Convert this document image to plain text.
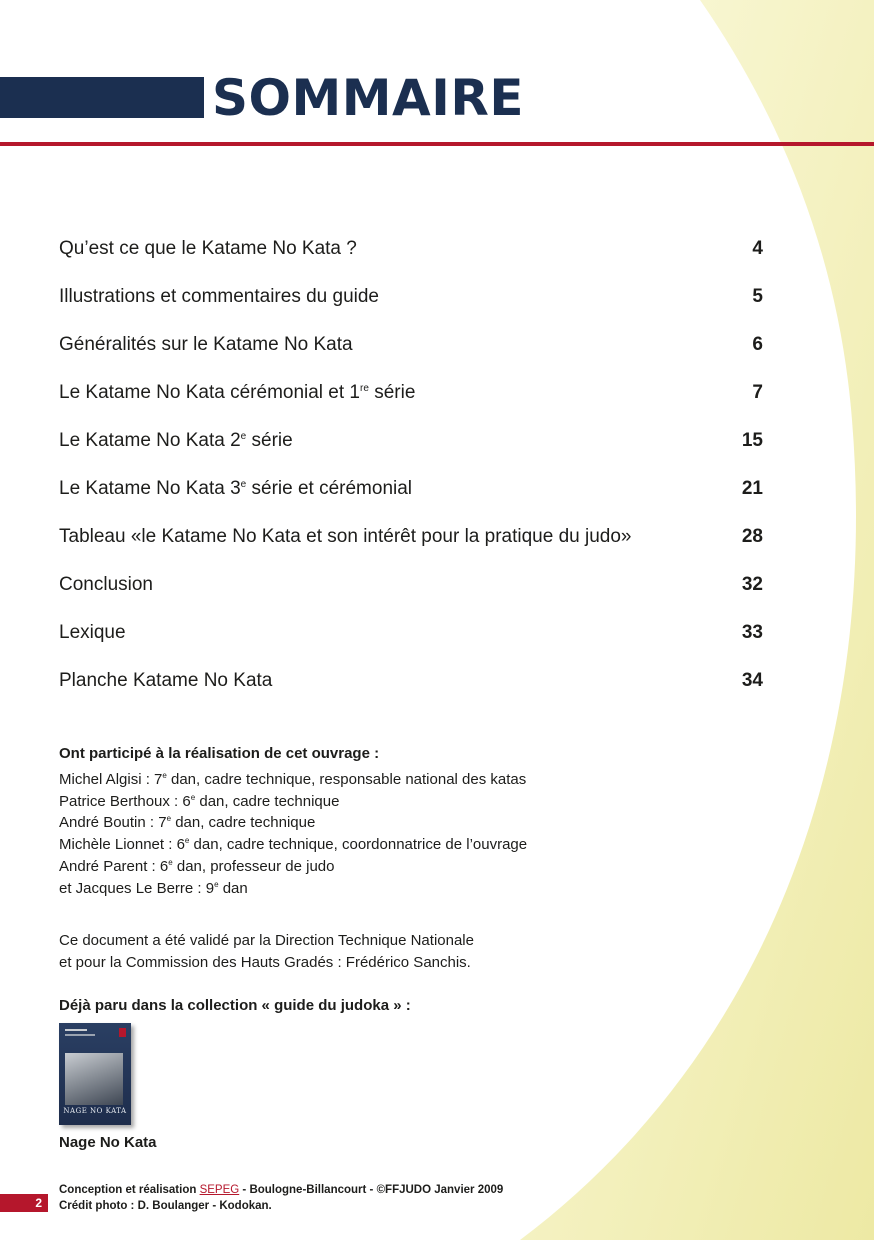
SOMMAIRE
Qu’est ce que le Katame No Kata ?	4
Illustrations et commentaires du guide	5
Généralités sur le Katame No Kata	6
Le Katame No Kata cérémonial et 1re série	7
Le Katame No Kata 2e série	15
Le Katame No Kata 3e série et cérémonial	21
Tableau «le Katame No Kata et son intérêt pour la pratique du judo»	28
Conclusion	32
Lexique	33
Planche Katame No Kata	34
Ont participé à la réalisation de cet ouvrage :
Michel Algisi : 7e dan, cadre technique, responsable national des katas
Patrice Berthoux : 6e dan, cadre technique
André Boutin : 7e dan, cadre technique
Michèle Lionnet : 6e dan, cadre technique, coordonnatrice de l’ouvrage
André Parent : 6e dan, professeur de judo
et Jacques Le Berre : 9e dan
Ce document a été validé par la Direction Technique Nationale
et pour la Commission des Hauts Gradés : Frédérico Sanchis.
Déjà paru dans la collection « guide du judoka » :
NAGE NO KATA
Nage No Kata
2
Conception et réalisation SEPEG - Boulogne-Billancourt - ©FFJUDO Janvier 2009
Crédit photo : D. Boulanger - Kodokan.
